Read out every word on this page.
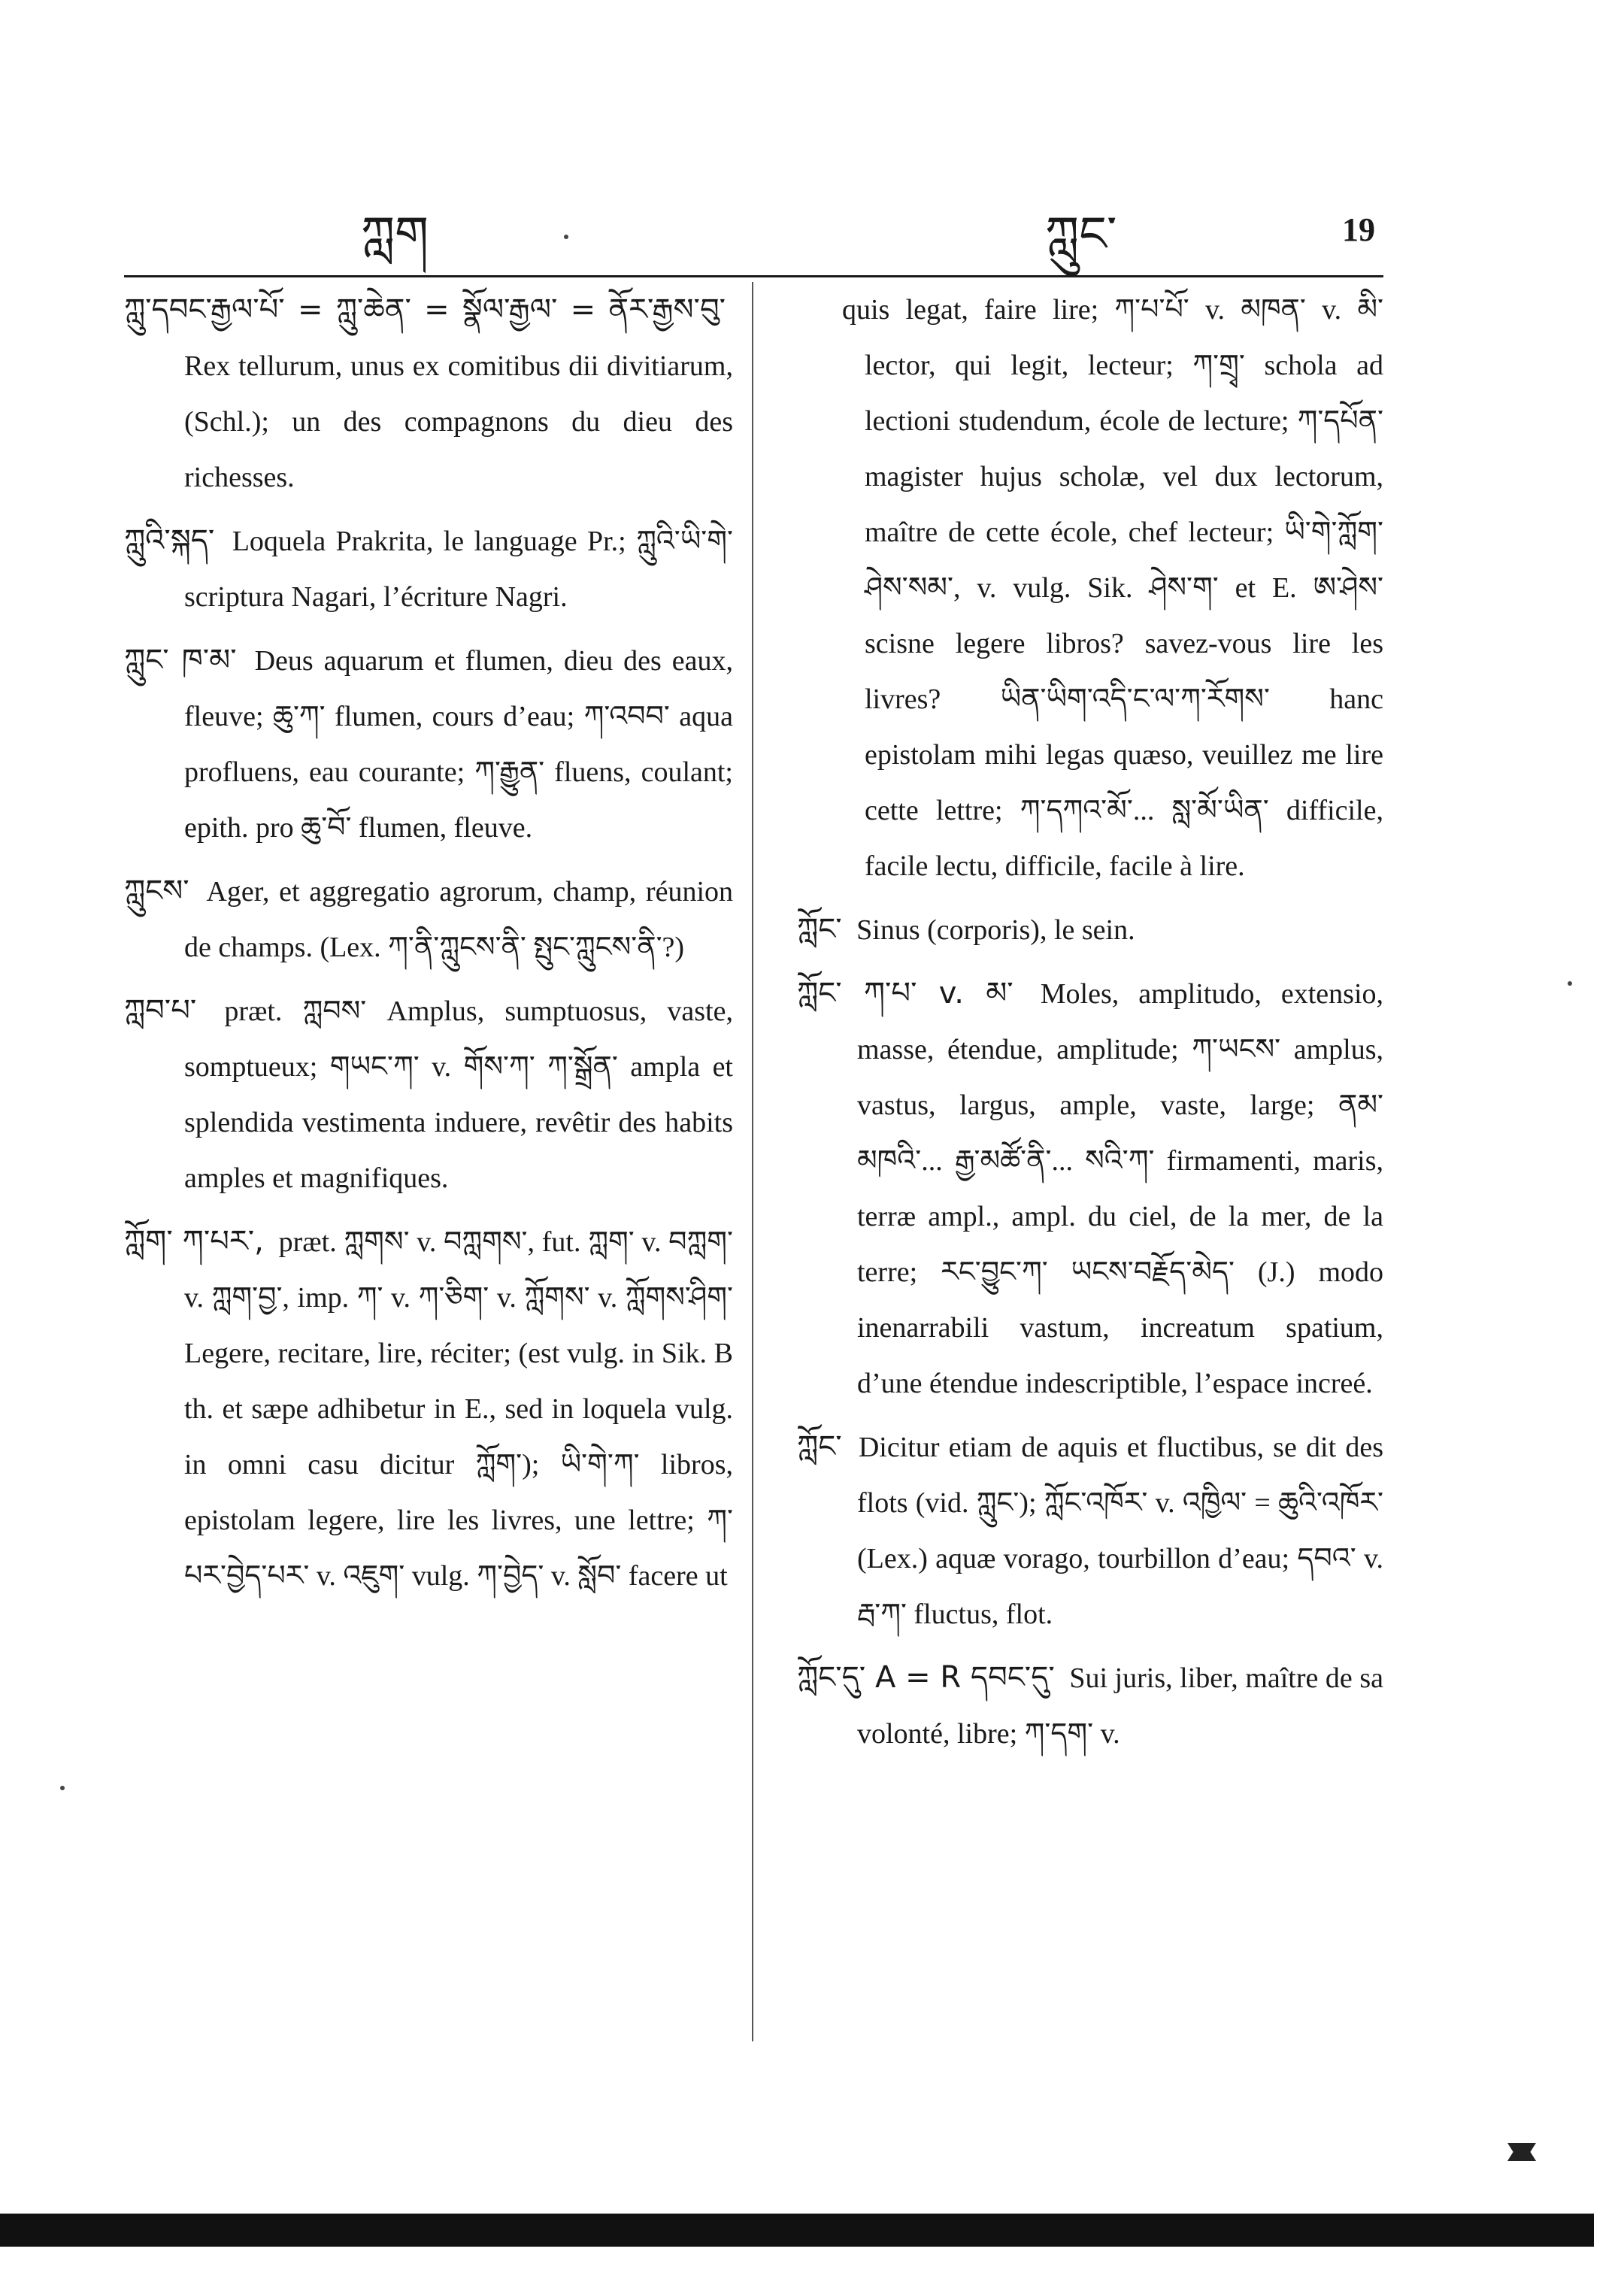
ཀླག	ཀླུང་	19

ཀླུ་དབང་རྒྱལ་པོ་ = ཀླུ་ཆེན་ = སྣོལ་རྒྱལ་ = ནོར་རྒྱས་བུ་ Rex tellurum, unus ex comitibus dii divitiarum, (Schl.); un des compagnons du dieu des richesses.

ཀླུའི་སྐད་ Loquela Prakrita, le language Pr.; ཀླུའི་ཡི་གེ་ scriptura Nagari, l’écriture Nagri.

ཀླུང་ ཁ་མ་ Deus aquarum et flumen, dieu des eaux, fleuve; ཆུ་ཀ་ flumen, cours d’eau; ཀ་འབབ་ aqua profluens, eau courante; ཀ་རྒྱུན་ fluens, coulant; epith. pro ཆུ་བོ་ flumen, fleuve.

ཀླུངས་ Ager, et aggregatio agrorum, champ, réunion de champs. (Lex. ཀ་ནི་ཀླུངས་ནི་ སྤུང་ཀླུངས་ནི་?)

ཀླབ་པ་ præt. ཀླབས་ Amplus, sumptuosus, vaste, somptueux; གཡང་ཀ་ v. གོས་ཀ་ ཀ་སྒྲོན་ ampla et splendida vestimenta induere, revêtir des habits amples et magnifiques.

ཀློག་ ཀ་པར་, præt. ཀླགས་ v. བཀླགས་, fut. ཀླག་ v. བཀླག་ v. ཀླག་བྱ་, imp. ཀ་ v. ཀ་ཅིག་ v. ཀློགས་ v. ཀློགས་ཤིག་ Legere, recitare, lire, réciter; (est vulg. in Sik. B th. et sæpe adhibetur in E., sed in loquela vulg. in omni casu dicitur ཀློག་); ཡི་གེ་ཀ་ libros, epistolam legere, lire les livres, une lettre; ཀ་པར་བྱེད་པར་ v. འཇུག་ vulg. ཀ་བྱེད་ v. སློབ་ facere ut

quis legat, faire lire; ཀ་པ་པོ་ v. མཁན་ v. མི་ lector, qui legit, lecteur; ཀ་གྲྭ་ schola ad lectioni studendum, école de lecture; ཀ་དཔོན་ magister hujus scholæ, vel dux lectorum, maître de cette école, chef lecteur; ཡི་གེ་ཀློག་ཤེས་སམ་, v. vulg. Sik. ཤེས་ག་ et E. ཨ་ཤེས་ scisne legere libros? savez-vous lire les livres? ཡིན་ཡིག་འདི་ང་ལ་ཀ་རོགས་ hanc epistolam mihi legas quæso, veuillez me lire cette lettre; ཀ་དཀའ་མོ་... སླ་མོ་ཡིན་ difficile, facile lectu, difficile, facile à lire.

ཀློང་ Sinus (corporis), le sein.

ཀློང་ ཀ་པ་ v. མ་ Moles, amplitudo, extensio, masse, étendue, amplitude; ཀ་ཡངས་ amplus, vastus, largus, ample, vaste, large; ནམ་མཁའི་... རྒྱ་མཚོ་ནི་... སའི་ཀ་ firmamenti, maris, terræ ampl., ampl. du ciel, de la mer, de la terre; རང་བྱུང་ཀ་ ཡངས་བརྗོད་མེད་ (J.) modo inenarrabili vastum, increatum spatium, d’une étendue indescriptible, l’espace increé.

ཀློང་ Dicitur etiam de aquis et fluctibus, se dit des flots (vid. ཀླུང་); ཀློང་འཁོར་ v. འཁྱིལ་ = ཆུའི་འཁོར་ (Lex.) aquæ vorago, tourbillon d’eau; དབའ་ v. རྦ་ཀ་ fluctus, flot.

ཀློང་དུ་ A = R དབང་དུ་ Sui juris, liber, maître de sa volonté, libre; ཀ་དག་ v.
